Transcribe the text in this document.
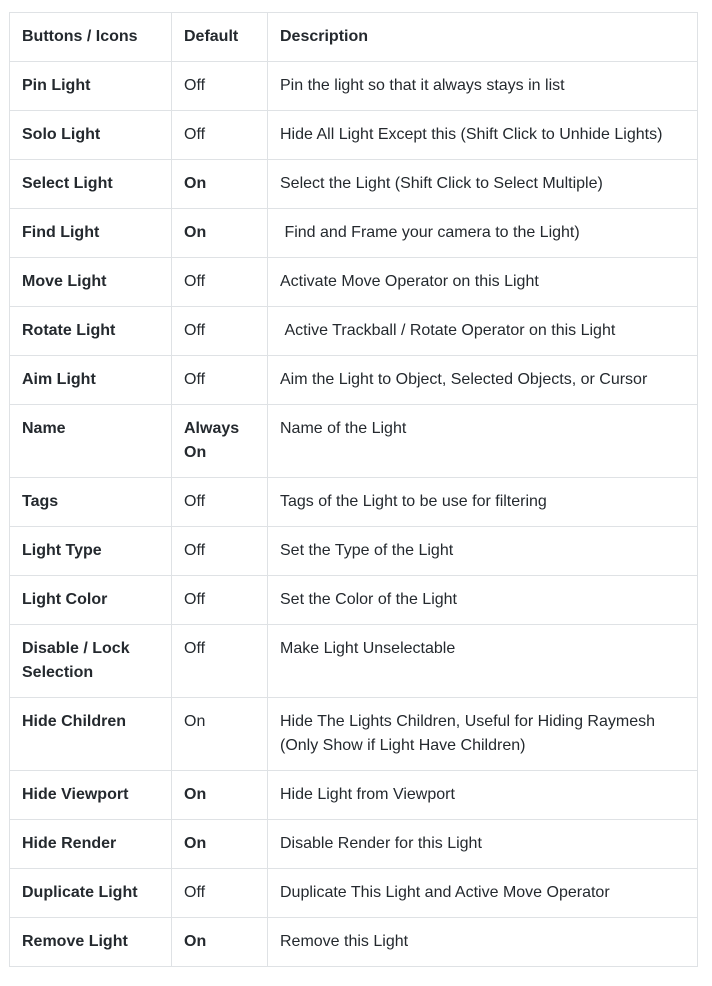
Buttons / Icons	Default	Description
Pin Light	Off	Pin the light so that it always stays in list
Solo Light	Off	Hide All Light Except this (Shift Click to Unhide Lights)
Select Light	On	Select the Light (Shift Click to Select Multiple)
Find Light	On	Find and Frame your camera to the Light)
Move Light	Off	Activate Move Operator on this Light
Rotate Light	Off	Active Trackball / Rotate Operator on this Light
Aim Light	Off	Aim the Light to Object, Selected Objects, or Cursor
Name	Always On	Name of the Light
Tags	Off	Tags of the Light to be use for filtering
Light Type	Off	Set the Type of the Light
Light Color	Off	Set the Color of the Light
Disable / Lock Selection	Off	Make Light Unselectable
Hide Children	On	Hide The Lights Children, Useful for Hiding Raymesh (Only Show if Light Have Children)
Hide Viewport	On	Hide Light from Viewport
Hide Render	On	Disable Render for this Light
Duplicate Light	Off	Duplicate This Light and Active Move Operator
Remove Light	On	Remove this Light
